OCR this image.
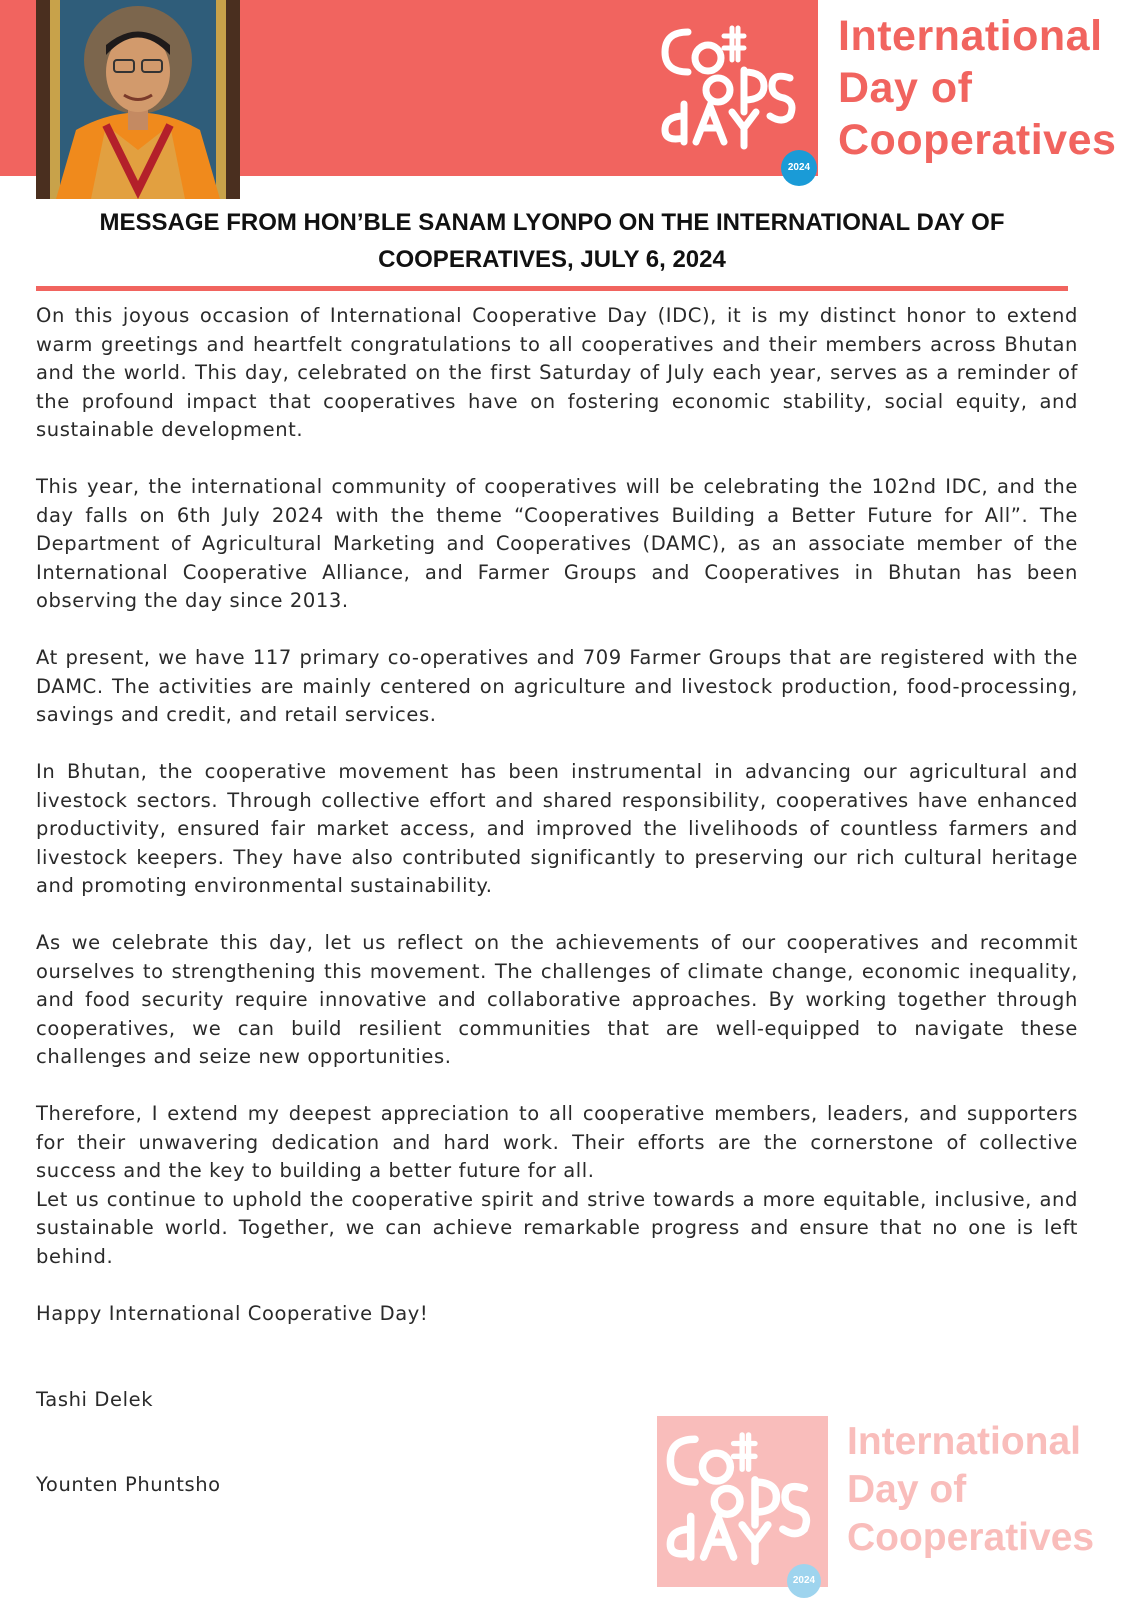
2024
International
Day of
Cooperatives
MESSAGE FROM HON’BLE SANAM LYONPO ON THE INTERNATIONAL DAY OF
COOPERATIVES, JULY 6, 2024

On this joyous occasion of International Cooperative Day (IDC), it is my distinct honor to extend warm greetings and heartfelt congratulations to all cooperatives and their members across Bhutan and the world. This day, celebrated on the first Saturday of July each year, serves as a reminder of the profound impact that cooperatives have on fostering economic stability, social equity, and sustainable development.

This year, the international community of cooperatives will be celebrating the 102nd IDC, and the day falls on 6th July 2024 with the theme “Cooperatives Building a Better Future for All”. The Department of Agricultural Marketing and Cooperatives (DAMC), as an associate member of the International Cooperative Alliance, and Farmer Groups and Cooperatives in Bhutan has been observing the day since 2013.

At present, we have 117 primary co-operatives and 709 Farmer Groups that are registered with the DAMC. The activities are mainly centered on agriculture and livestock production, food-processing, savings and credit, and retail services.

In Bhutan, the cooperative movement has been instrumental in advancing our agricultural and livestock sectors. Through collective effort and shared responsibility, cooperatives have enhanced productivity, ensured fair market access, and improved the livelihoods of countless farmers and livestock keepers. They have also contributed significantly to preserving our rich cultural heritage and promoting environmental sustainability.

As we celebrate this day, let us reflect on the achievements of our cooperatives and recommit ourselves to strengthening this movement. The challenges of climate change, economic inequality, and food security require innovative and collaborative approaches. By working together through cooperatives, we can build resilient communities that are well-equipped to navigate these challenges and seize new opportunities.

Therefore, I extend my deepest appreciation to all cooperative members, leaders, and supporters for their unwavering dedication and hard work. Their efforts are the cornerstone of collective success and the key to building a better future for all.

Let us continue to uphold the cooperative spirit and strive towards a more equitable, inclusive, and sustainable world. Together, we can achieve remarkable progress and ensure that no one is left behind.

Happy International Cooperative Day!

Tashi Delek
Younten Phuntsho
2024
International
Day of
Cooperatives
